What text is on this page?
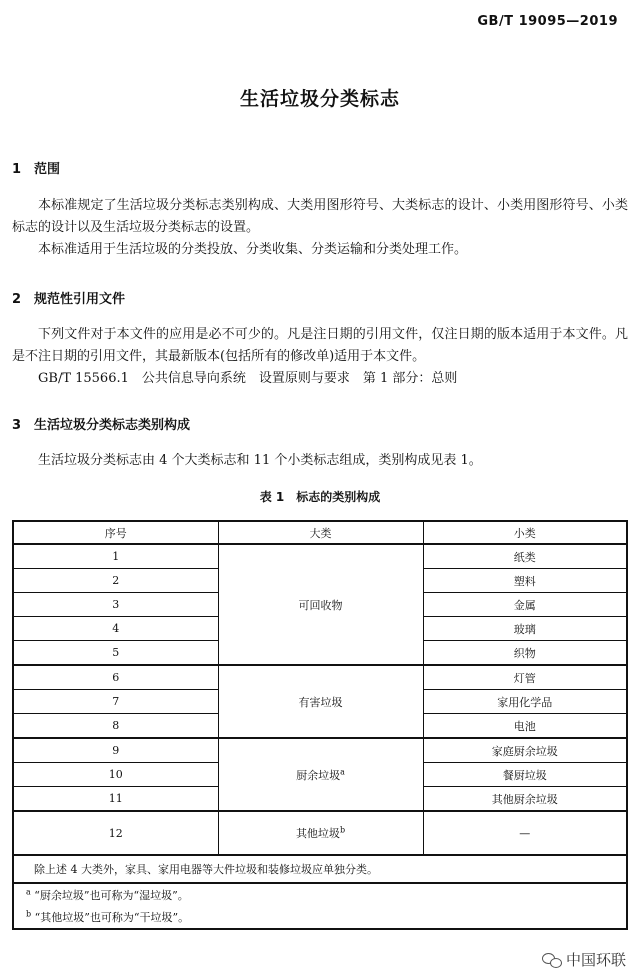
GB/T 19095—2019
生活垃圾分类标志
1 范围
本标准规定了生活垃圾分类标志类别构成、大类用图形符号、大类标志的设计、小类用图形符号、小类标志的设计以及生活垃圾分类标志的设置。
本标准适用于生活垃圾的分类投放、分类收集、分类运输和分类处理工作。
2 规范性引用文件
下列文件对于本文件的应用是必不可少的。凡是注日期的引用文件，仅注日期的版本适用于本文件。凡是不注日期的引用文件，其最新版本(包括所有的修改单)适用于本文件。
GB/T 15566.1　公共信息导向系统　设置原则与要求　第 1 部分：总则
3 生活垃圾分类标志类别构成
生活垃圾分类标志由 4 个大类标志和 11 个小类标志组成，类别构成见表 1。
表 1　标志的类别构成
序号	大类	小类
1	可回收物	纸类
2		塑料
3		金属
4		玻璃
5		织物
6	有害垃圾	灯管
7		家用化学品
8		电池
9	厨余垃圾$^a$	家庭厨余垃圾
10		餐厨垃圾
11		其他厨余垃圾
12	其他垃圾$^b$	—
除上述 4 大类外，家具、家用电器等大件垃圾和装修垃圾应单独分类。		
$^a$ “厨余垃圾”也可称为“湿垃圾”。		
$^b$ “其他垃圾”也可称为“干垃圾”。		
中国环联
